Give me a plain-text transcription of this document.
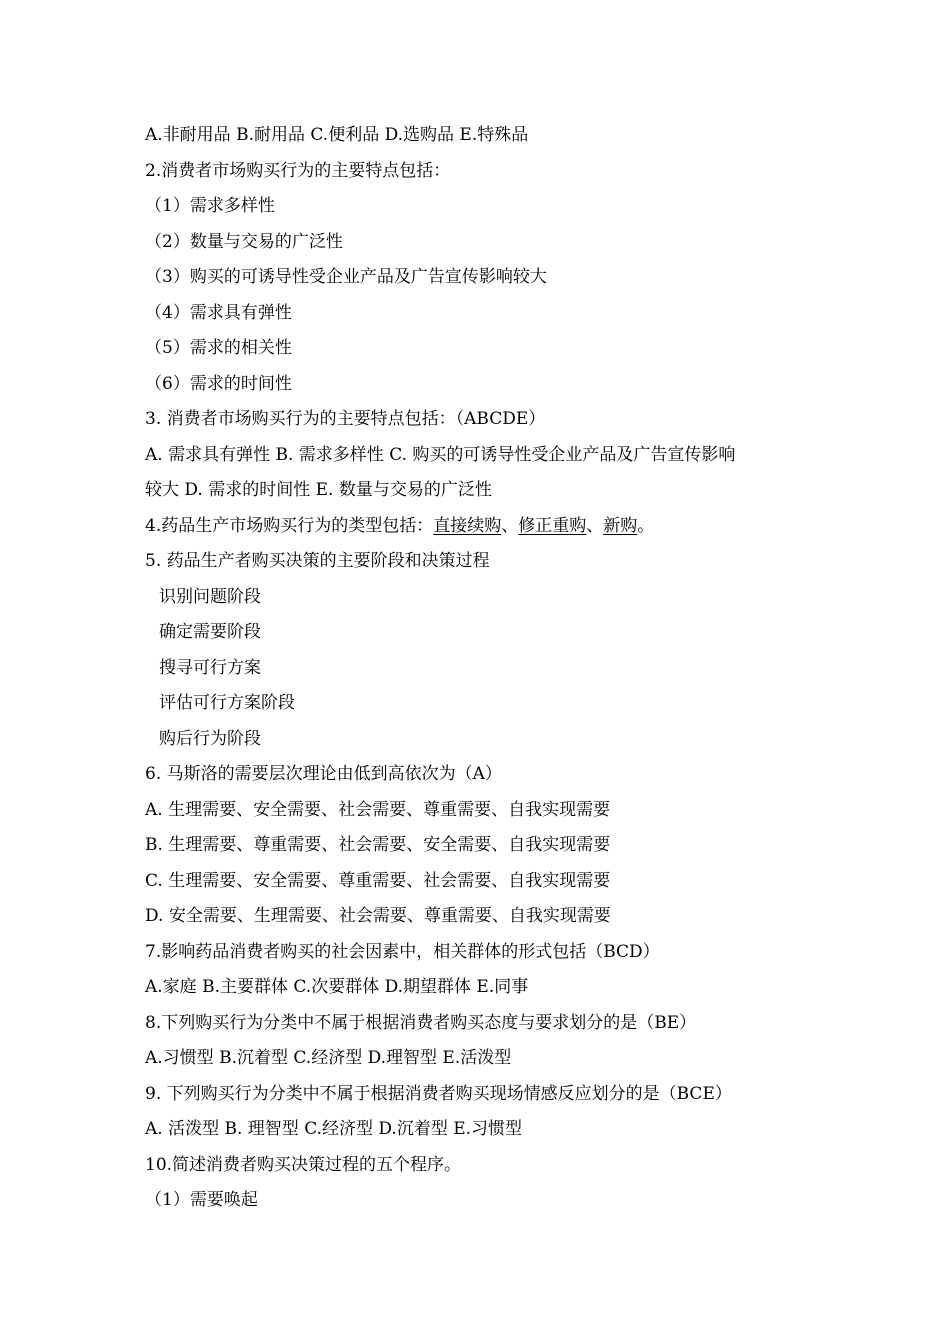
A.非耐用品 B.耐用品 C.便利品 D.选购品 E.特殊品
2.消费者市场购买行为的主要特点包括：
（1）需求多样性
（2）数量与交易的广泛性
（3）购买的可诱导性受企业产品及广告宣传影响较大
（4）需求具有弹性
（5）需求的相关性
（6）需求的时间性
3. 消费者市场购买行为的主要特点包括：（ABCDE）
A. 需求具有弹性 B. 需求多样性 C. 购买的可诱导性受企业产品及广告宣传影响
较大 D. 需求的时间性 E. 数量与交易的广泛性
4.药品生产市场购买行为的类型包括：直接续购、修正重购、新购。
5. 药品生产者购买决策的主要阶段和决策过程
识别问题阶段
确定需要阶段
搜寻可行方案
评估可行方案阶段
购后行为阶段
6. 马斯洛的需要层次理论由低到高依次为（A）
A. 生理需要、安全需要、社会需要、尊重需要、自我实现需要
B. 生理需要、尊重需要、社会需要、安全需要、自我实现需要
C. 生理需要、安全需要、尊重需要、社会需要、自我实现需要
D. 安全需要、生理需要、社会需要、尊重需要、自我实现需要
7.影响药品消费者购买的社会因素中，相关群体的形式包括（BCD）
A.家庭 B.主要群体 C.次要群体 D.期望群体 E.同事
8.下列购买行为分类中不属于根据消费者购买态度与要求划分的是（BE）
A.习惯型 B.沉着型 C.经济型 D.理智型 E.活泼型
9. 下列购买行为分类中不属于根据消费者购买现场情感反应划分的是（BCE）
A. 活泼型 B. 理智型 C.经济型 D.沉着型 E.习惯型
10.简述消费者购买决策过程的五个程序。
（1）需要唤起
